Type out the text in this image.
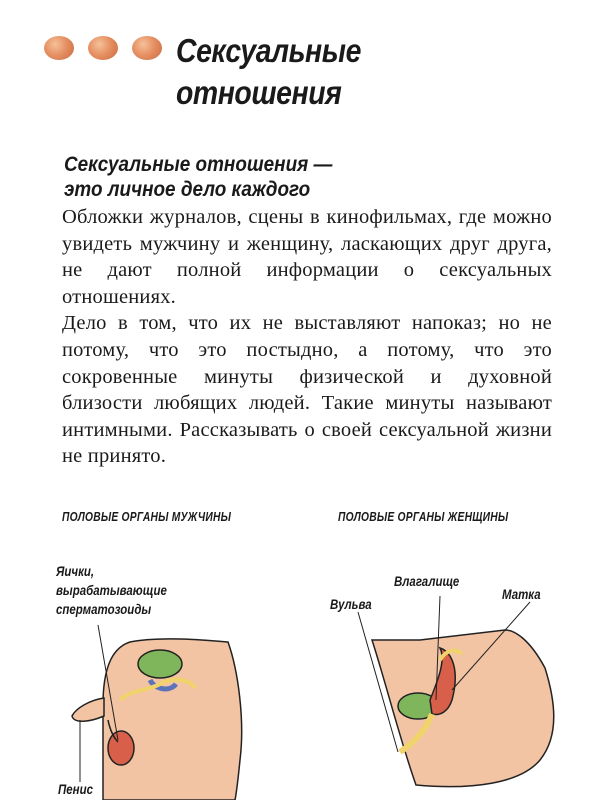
Сексуальные
отношения
Сексуальные отношения —
это личное дело каждого

Обложки журналов, сцены в кинофильмах, где можно увидеть мужчину и женщину, ласкающих друг друга, не дают полной информации о сексуальных отношениях.

Дело в том, что их не выставляют напоказ; но не потому, что это постыдно, а потому, что это сокровенные минуты физической и духовной близости любящих людей. Такие минуты называют интимными. Рассказывать о своей сексуальной жизни не принято.

ПОЛОВЫЕ ОРГАНЫ МУЖЧИНЫ	ПОЛОВЫЕ ОРГАНЫ ЖЕНЩИНЫ
Яички,
вырабатывающие
сперматозоиды
Пенис
Влагалище
Вульва
Матка
